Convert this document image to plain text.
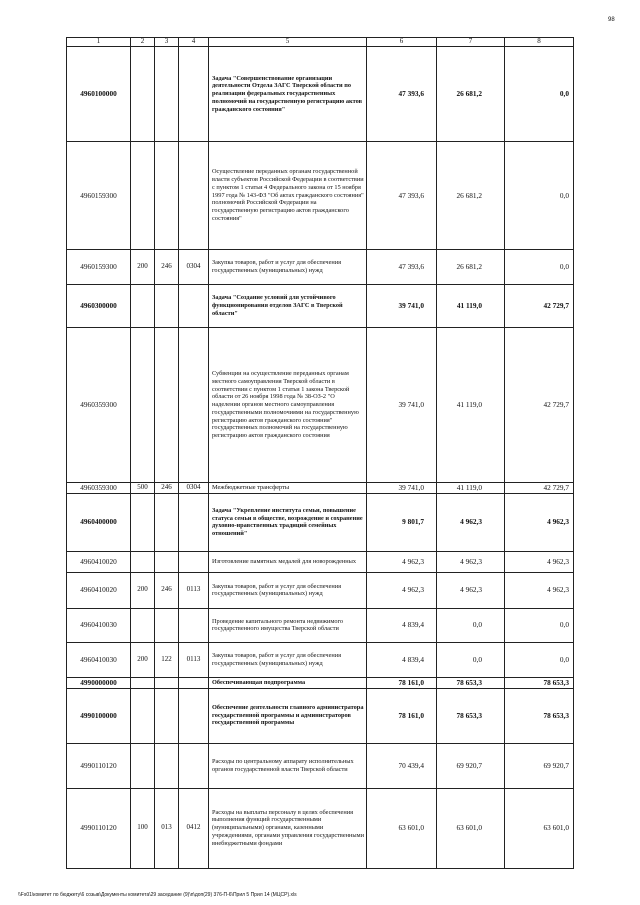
98
1	2	3	4	5	6	7	8
4960100000				Задача "Совершенствование организации деятельности Отдела ЗАГС Тверской области по реализации федеральных государственных полномочий на государственную регистрацию актов гражданского состояния"	47 393,6	26 681,2	0,0
4960159300				Осуществление переданных органам государственной власти субъектов Российской Федерации в соответствии с пунктом 1 статьи 4 Федерального закона от 15 ноября 1997 года № 143-ФЗ "Об актах гражданского состояния" полномочий Российской Федерации на государственную регистрацию актов гражданского состояния"	47 393,6	26 681,2	0,0
4960159300	200	246	0304	Закупка товаров, работ и услуг для обеспечения государственных (муниципальных) нужд	47 393,6	26 681,2	0,0
4960300000				Задача "Создание условий для устойчивого функционирования отделов ЗАГС в Тверской области"	39 741,0	41 119,0	42 729,7
4960359300				Субвенции на осуществление переданных органам местного самоуправления Тверской области в соответствии с пунктом 1 статьи 1 закона Тверской области от 26 ноября 1998 года № 38-ОЗ-2 "О наделении органов местного самоуправления государственными полномочиями на государственную регистрацию актов гражданского состояния" государственных полномочий на государственную регистрацию актов гражданского состояния	39 741,0	41 119,0	42 729,7
4960359300	500	246	0304	Межбюджетные трансферты	39 741,0	41 119,0	42 729,7
4960400000				Задача "Укрепление института семьи, повышение статуса семьи в обществе, возрождение и сохранение духовно-нравственных традиций семейных отношений"	9 801,7	4 962,3	4 962,3
4960410020				Изготовление памятных медалей для новорожденных	4 962,3	4 962,3	4 962,3
4960410020	200	246	0113	Закупка товаров, работ и услуг для обеспечения государственных (муниципальных) нужд	4 962,3	4 962,3	4 962,3
4960410030				Проведение капитального ремонта недвижимого государственного имущества Тверской области	4 839,4	0,0	0,0
4960410030	200	122	0113	Закупка товаров, работ и услуг для обеспечения государственных (муниципальных) нужд	4 839,4	0,0	0,0
4990000000				Обеспечивающая подпрограмма	78 161,0	78 653,3	78 653,3
4990100000				Обеспечение деятельности главного администратора государственной программы и администраторов государственной программы	78 161,0	78 653,3	78 653,3
4990110120				Расходы по центральному аппарату исполнительных органов государственной власти Тверской области	70 439,4	69 920,7	69 920,7
4990110120	100	013	0412	Расходы на выплаты персоналу в целях обеспечения выполнения функций государственными (муниципальными) органами, казенными учреждениями, органами управления государственными внебюджетными фондами	63 601,0	63 601,0	63 601,0
\\Fs01\комитет по бюджету\6 созыв\Документы комитета\29 заседание (9)\п\доп(29) 376-П-6\Прил 5 Прил 14 (МЦСР).xls
